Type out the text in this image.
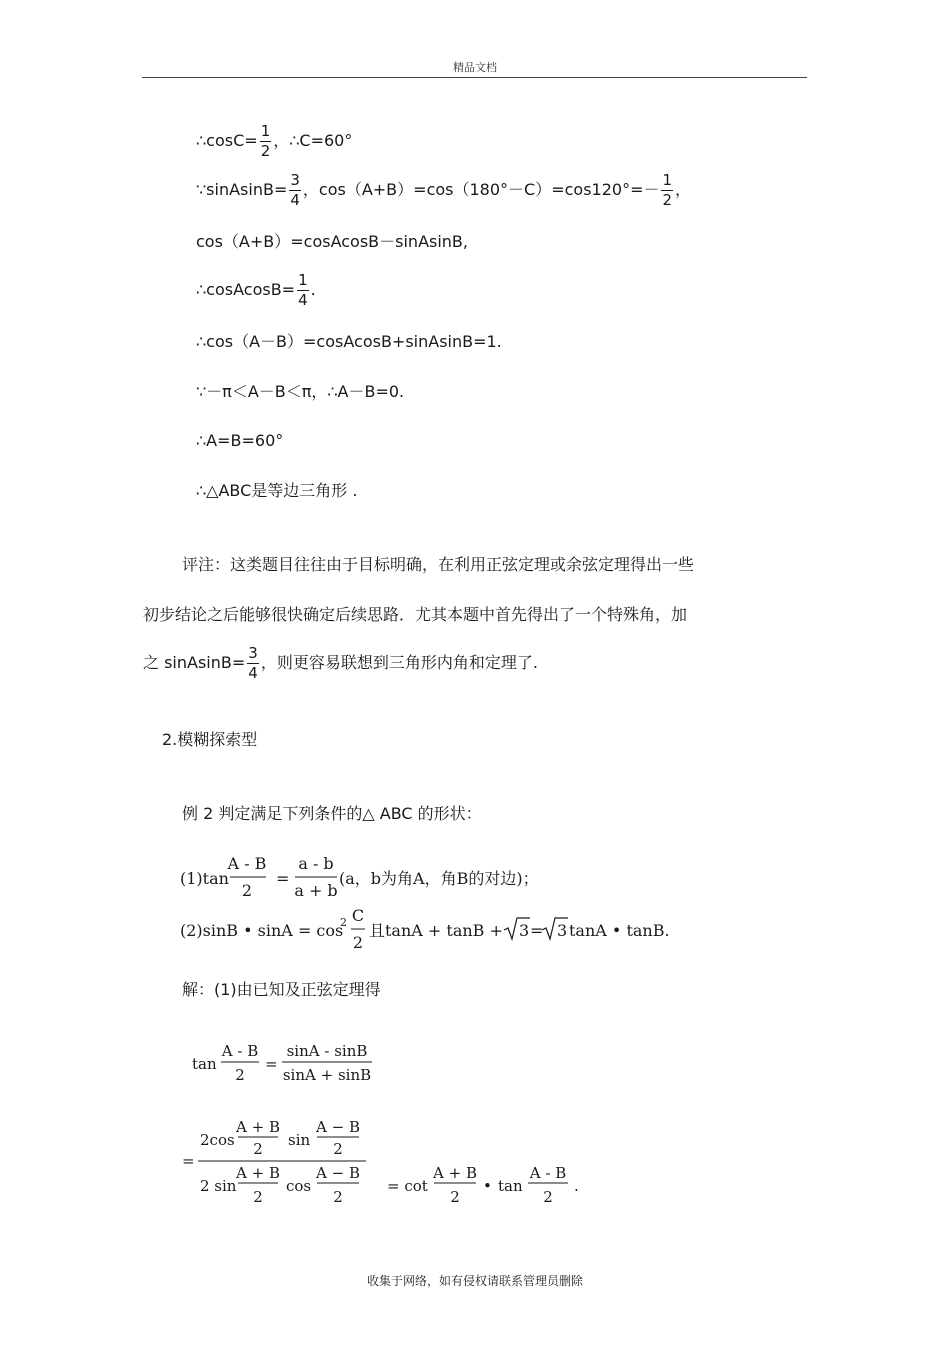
精品文档
∴cosC= $\frac{1}{2}$ ，∴C=60°
∵sinAsinB= $\frac{3}{4}$ ，$\cos(A+B)=\cos(180^\circ-C)=\cos 120^\circ=- \frac{1}{2}$ ，
cos（A+B）=cosAcosB－sinAsinB,
∴cosAcosB= $\frac{1}{4}$ .
∴cos（A－B）=cosAcosB+sinAsinB=1.
∵－π＜A－B＜π，∴A－B=0.
∴A=B=60°
∴△ABC是等边三角形 .
评注：这类题目往往由于目标明确，在利用正弦定理或余弦定理得出一些
初步结论之后能够很快确定后续思路．尤其本题中首先得出了一个特殊角，加
之 sinAsinB= $\frac{3}{4}$ ，则更容易联想到三角形内角和定理了.
2.模糊探索型
例 2 判定满足下列条件的△ ABC 的形状：
(1)tan
A - B
2
=
a - b
a + b
(a，b为角A，角B的对边)；
(2)sinB • sinA = cos
2 C
2
且tanA + tanB + 3 = 3 tanA • tanB.
解：(1)由已知及正弦定理得
tan
A - B
2
=
sinA - sinB
sinA + sinB
=
2cos
A + B
2 sin
A − B
2
2 sin
A + B
2
cos
A − B
2
= cot
A + B
2
• tan
A - B
2
.
收集于网络，如有侵权请联系管理员删除
